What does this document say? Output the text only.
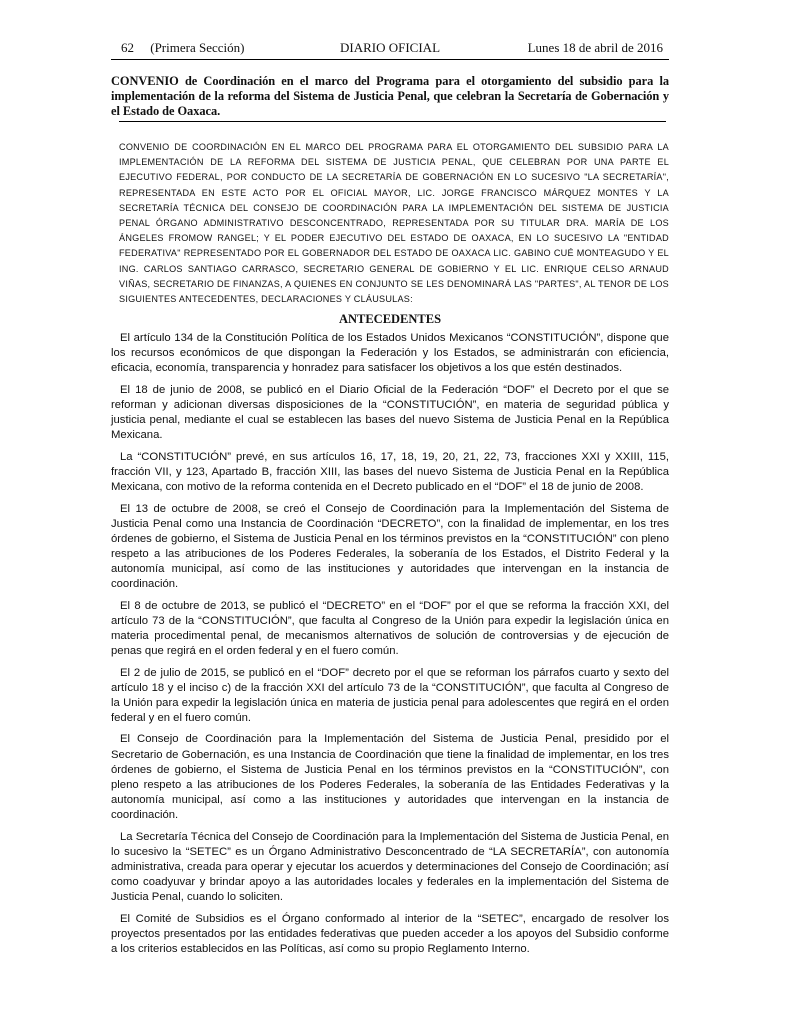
62     (Primera Sección)	DIARIO OFICIAL	Lunes 18 de abril de 2016
CONVENIO de Coordinación en el marco del Programa para el otorgamiento del subsidio para la implementación de la reforma del Sistema de Justicia Penal, que celebran la Secretaría de Gobernación y el Estado de Oaxaca.
CONVENIO DE COORDINACIÓN EN EL MARCO DEL PROGRAMA PARA EL OTORGAMIENTO DEL SUBSIDIO PARA LA IMPLEMENTACIÓN DE LA REFORMA DEL SISTEMA DE JUSTICIA PENAL, QUE CELEBRAN POR UNA PARTE EL EJECUTIVO FEDERAL, POR CONDUCTO DE LA SECRETARÍA DE GOBERNACIÓN EN LO SUCESIVO "LA SECRETARÍA", REPRESENTADA EN ESTE ACTO POR EL OFICIAL MAYOR, LIC. JORGE FRANCISCO MÁRQUEZ MONTES Y LA SECRETARÍA TÉCNICA DEL CONSEJO DE COORDINACIÓN PARA LA IMPLEMENTACIÓN DEL SISTEMA DE JUSTICIA PENAL ÓRGANO ADMINISTRATIVO DESCONCENTRADO, REPRESENTADA POR SU TITULAR DRA. MARÍA DE LOS ÁNGELES FROMOW RANGEL; Y EL PODER EJECUTIVO DEL ESTADO DE OAXACA, EN LO SUCESIVO LA "ENTIDAD FEDERATIVA" REPRESENTADO POR EL GOBERNADOR DEL ESTADO DE OAXACA LIC. GABINO CUÉ MONTEAGUDO Y EL ING. CARLOS SANTIAGO CARRASCO, SECRETARIO GENERAL DE GOBIERNO Y EL LIC. ENRIQUE CELSO ARNAUD VIÑAS, SECRETARIO DE FINANZAS, A QUIENES EN CONJUNTO SE LES DENOMINARÁ LAS "PARTES", AL TENOR DE LOS SIGUIENTES ANTECEDENTES, DECLARACIONES Y CLÁUSULAS:
ANTECEDENTES

El artículo 134 de la Constitución Política de los Estados Unidos Mexicanos “CONSTITUCIÓN”, dispone que los recursos económicos de que dispongan la Federación y los Estados, se administrarán con eficiencia, eficacia, economía, transparencia y honradez para satisfacer los objetivos a los que estén destinados.

El 18 de junio de 2008, se publicó en el Diario Oficial de la Federación “DOF” el Decreto por el que se reforman y adicionan diversas disposiciones de la “CONSTITUCIÓN”, en materia de seguridad pública y justicia penal, mediante el cual se establecen las bases del nuevo Sistema de Justicia Penal en la República Mexicana.

La “CONSTITUCIÓN” prevé, en sus artículos 16, 17, 18, 19, 20, 21, 22, 73, fracciones XXI y XXIII, 115, fracción VII, y 123, Apartado B, fracción XIII, las bases del nuevo Sistema de Justicia Penal en la República Mexicana, con motivo de la reforma contenida en el Decreto publicado en el “DOF” el 18 de junio de 2008.

El 13 de octubre de 2008, se creó el Consejo de Coordinación para la Implementación del Sistema de Justicia Penal como una Instancia de Coordinación “DECRETO”, con la finalidad de implementar, en los tres órdenes de gobierno, el Sistema de Justicia Penal en los términos previstos en la “CONSTITUCIÓN” con pleno respeto a las atribuciones de los Poderes Federales, la soberanía de los Estados, el Distrito Federal y la autonomía municipal, así como de las instituciones y autoridades que intervengan en la instancia de coordinación.

El 8 de octubre de 2013, se publicó el “DECRETO” en el “DOF” por el que se reforma la fracción XXI, del artículo 73 de la “CONSTITUCIÓN”, que faculta al Congreso de la Unión para expedir la legislación única en materia procedimental penal, de mecanismos alternativos de solución de controversias y de ejecución de penas que regirá en el orden federal y en el fuero común.

El 2 de julio de 2015, se publicó en el “DOF” decreto por el que se reforman los párrafos cuarto y sexto del artículo 18 y el inciso c) de la fracción XXI del artículo 73 de la “CONSTITUCIÓN”, que faculta al Congreso de la Unión para expedir la legislación única en materia de justicia penal para adolescentes que regirá en el orden federal y en el fuero común.

El Consejo de Coordinación para la Implementación del Sistema de Justicia Penal, presidido por el Secretario de Gobernación, es una Instancia de Coordinación que tiene la finalidad de implementar, en los tres órdenes de gobierno, el Sistema de Justicia Penal en los términos previstos en la “CONSTITUCIÓN”, con pleno respeto a las atribuciones de los Poderes Federales, la soberanía de las Entidades Federativas y la autonomía municipal, así como a las instituciones y autoridades que intervengan en la instancia de coordinación.

La Secretaría Técnica del Consejo de Coordinación para la Implementación del Sistema de Justicia Penal, en lo sucesivo la “SETEC” es un Órgano Administrativo Desconcentrado de “LA SECRETARÍA”, con autonomía administrativa, creada para operar y ejecutar los acuerdos y determinaciones del Consejo de Coordinación; así como coadyuvar y brindar apoyo a las autoridades locales y federales en la implementación del Sistema de Justicia Penal, cuando lo soliciten.

El Comité de Subsidios es el Órgano conformado al interior de la “SETEC”, encargado de resolver los proyectos presentados por las entidades federativas que pueden acceder a los apoyos del Subsidio conforme a los criterios establecidos en las Políticas, así como su propio Reglamento Interno.
